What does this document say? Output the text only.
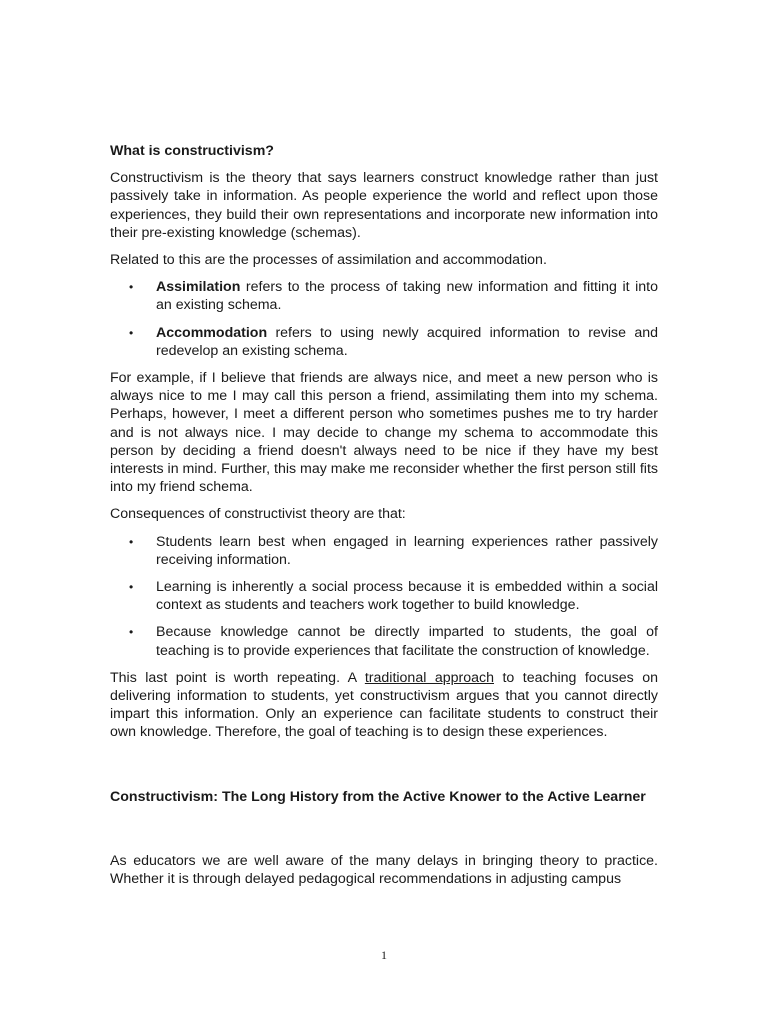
What is constructivism?

Constructivism is the theory that says learners construct knowledge rather than just passively take in information. As people experience the world and reflect upon those experiences, they build their own representations and incorporate new information into their pre-existing knowledge (schemas).

Related to this are the processes of assimilation and accommodation.

•	Assimilation refers to the process of taking new information and fitting it into an existing schema.
•	Accommodation refers to using newly acquired information to revise and redevelop an existing schema.

For example, if I believe that friends are always nice, and meet a new person who is always nice to me I may call this person a friend, assimilating them into my schema. Perhaps, however, I meet a different person who sometimes pushes me to try harder and is not always nice. I may decide to change my schema to accommodate this person by deciding a friend doesn't always need to be nice if they have my best interests in mind. Further, this may make me reconsider whether the first person still fits into my friend schema.

Consequences of constructivist theory are that:

•	Students learn best when engaged in learning experiences rather passively receiving information.
•	Learning is inherently a social process because it is embedded within a social context as students and teachers work together to build knowledge.
•	Because knowledge cannot be directly imparted to students, the goal of teaching is to provide experiences that facilitate the construction of knowledge.

This last point is worth repeating. A traditional approach to teaching focuses on delivering information to students, yet constructivism argues that you cannot directly impart this information. Only an experience can facilitate students to construct their own knowledge. Therefore, the goal of teaching is to design these experiences.

Constructivism: The Long History from the Active Knower to the Active Learner

As educators we are well aware of the many delays in bringing theory to practice. Whether it is through delayed pedagogical recommendations in adjusting campus

1
